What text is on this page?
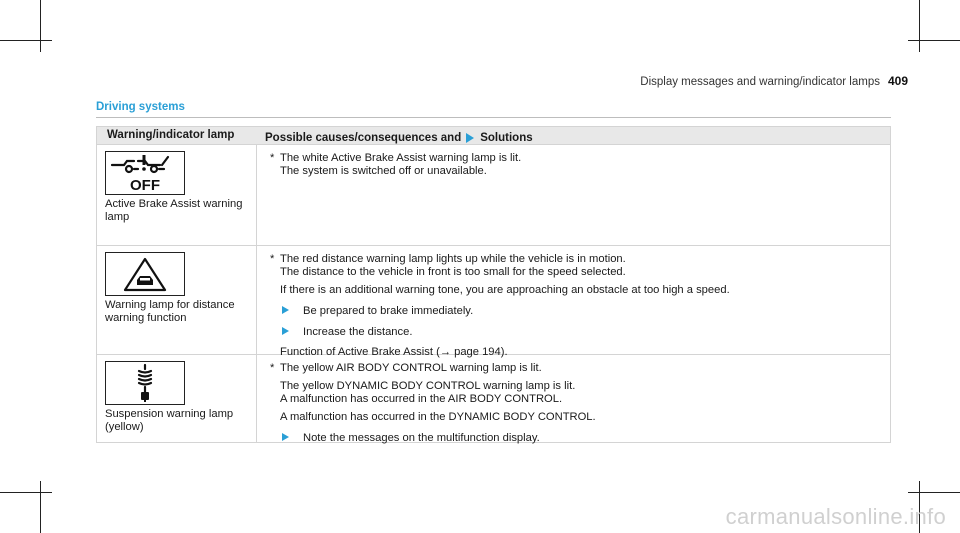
Display messages and warning/indicator lamps 409
Driving systems
Warning/indicator lamp	Possible causes/consequences and Solutions
OFF
Active Brake Assist warning lamp
* The white Active Brake Assist warning lamp is lit.
The system is switched off or unavailable.
Warning lamp for distance warning function
* The red distance warning lamp lights up while the vehicle is in motion.
The distance to the vehicle in front is too small for the speed selected.
If there is an additional warning tone, you are approaching an obstacle at too high a speed.
Be prepared to brake immediately.
Increase the distance.
Function of Active Brake Assist (→ page 194).
Suspension warning lamp (yellow)
* The yellow AIR BODY CONTROL warning lamp is lit.
The yellow DYNAMIC BODY CONTROL warning lamp is lit.
A malfunction has occurred in the AIR BODY CONTROL.
A malfunction has occurred in the DYNAMIC BODY CONTROL.
Note the messages on the multifunction display.
carmanualsonline.info
